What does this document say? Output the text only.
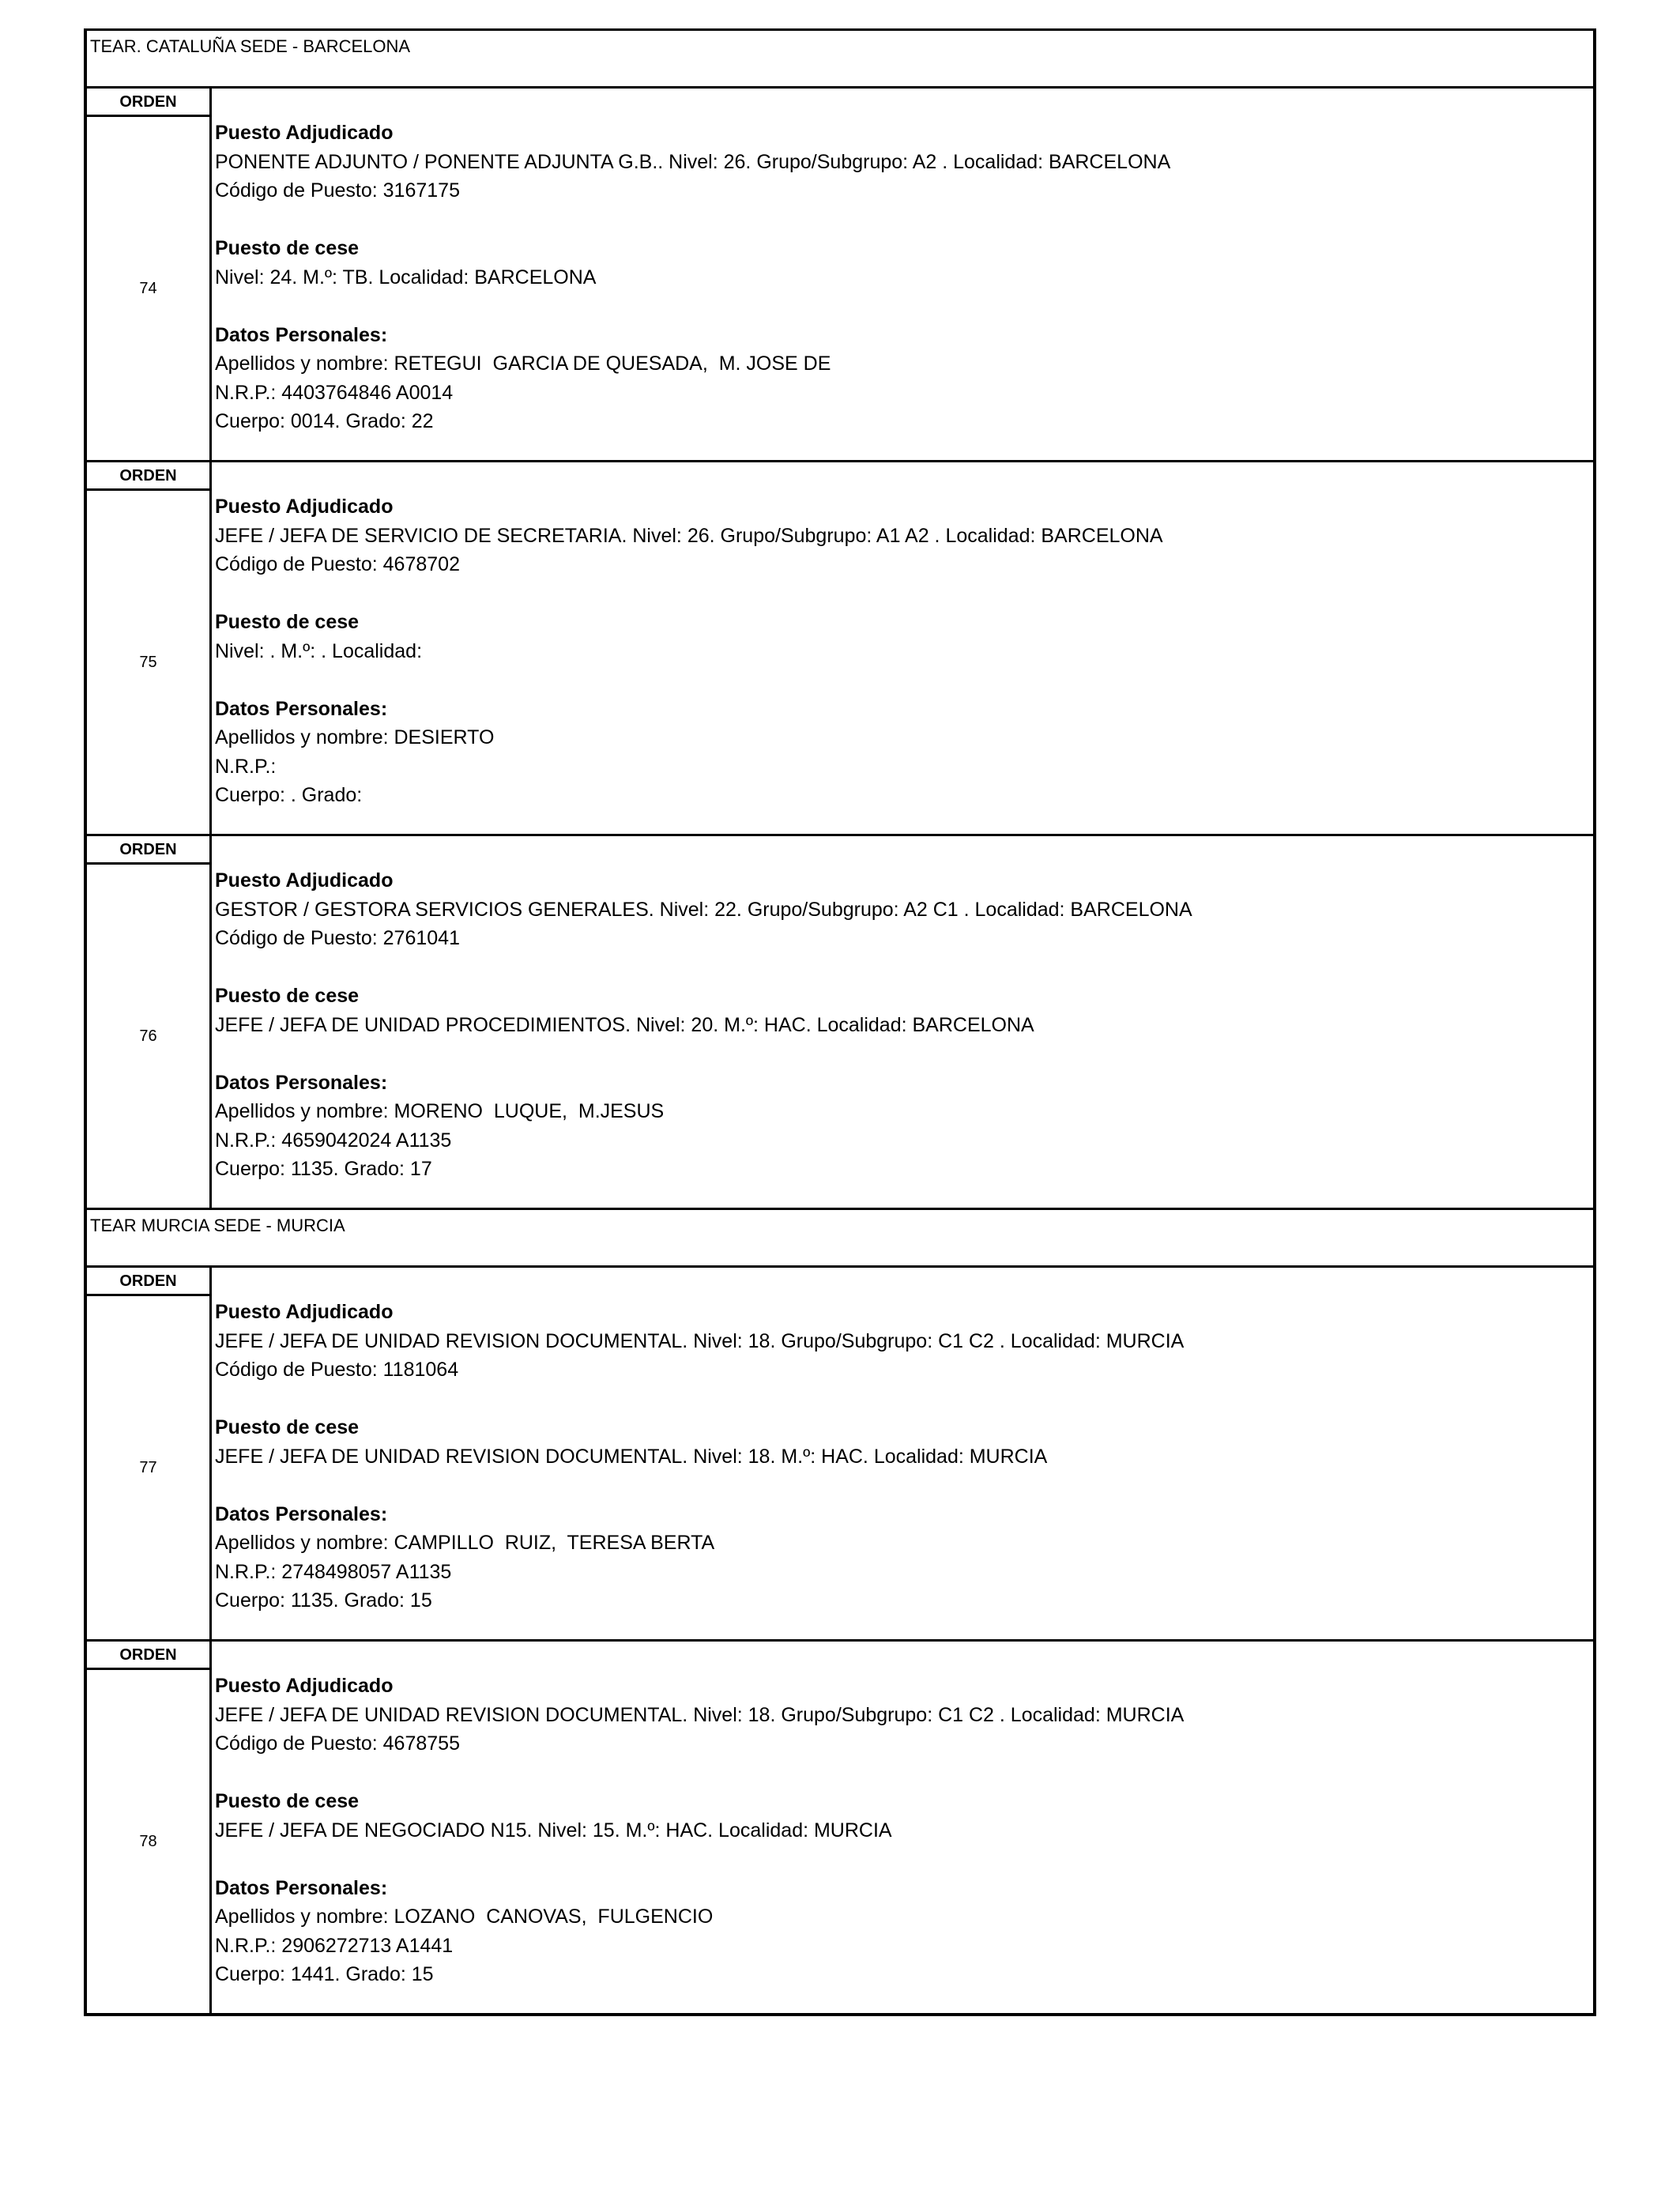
TEAR. CATALUÑA SEDE - BARCELONA
ORDEN
74
Puesto Adjudicado
PONENTE ADJUNTO / PONENTE ADJUNTA G.B.. Nivel: 26. Grupo/Subgrupo: A2 . Localidad: BARCELONA
Código de Puesto: 3167175
Puesto de cese
Nivel: 24. M.º: TB. Localidad: BARCELONA
Datos Personales:
Apellidos y nombre: RETEGUI  GARCIA DE QUESADA,  M. JOSE DE
N.R.P.: 4403764846 A0014
Cuerpo: 0014. Grado: 22
ORDEN
75
Puesto Adjudicado
JEFE / JEFA DE SERVICIO DE SECRETARIA. Nivel: 26. Grupo/Subgrupo: A1 A2 . Localidad: BARCELONA
Código de Puesto: 4678702
Puesto de cese
Nivel: . M.º: . Localidad:
Datos Personales:
Apellidos y nombre: DESIERTO
N.R.P.:
Cuerpo: . Grado:
ORDEN
76
Puesto Adjudicado
GESTOR / GESTORA SERVICIOS GENERALES. Nivel: 22. Grupo/Subgrupo: A2 C1 . Localidad: BARCELONA
Código de Puesto: 2761041
Puesto de cese
JEFE / JEFA DE UNIDAD PROCEDIMIENTOS. Nivel: 20. M.º: HAC. Localidad: BARCELONA
Datos Personales:
Apellidos y nombre: MORENO  LUQUE,  M.JESUS
N.R.P.: 4659042024 A1135
Cuerpo: 1135. Grado: 17
TEAR MURCIA SEDE - MURCIA
ORDEN
77
Puesto Adjudicado
JEFE / JEFA DE UNIDAD REVISION DOCUMENTAL. Nivel: 18. Grupo/Subgrupo: C1 C2 . Localidad: MURCIA
Código de Puesto: 1181064
Puesto de cese
JEFE / JEFA DE UNIDAD REVISION DOCUMENTAL. Nivel: 18. M.º: HAC. Localidad: MURCIA
Datos Personales:
Apellidos y nombre: CAMPILLO  RUIZ,  TERESA BERTA
N.R.P.: 2748498057 A1135
Cuerpo: 1135. Grado: 15
ORDEN
78
Puesto Adjudicado
JEFE / JEFA DE UNIDAD REVISION DOCUMENTAL. Nivel: 18. Grupo/Subgrupo: C1 C2 . Localidad: MURCIA
Código de Puesto: 4678755
Puesto de cese
JEFE / JEFA DE NEGOCIADO N15. Nivel: 15. M.º: HAC. Localidad: MURCIA
Datos Personales:
Apellidos y nombre: LOZANO  CANOVAS,  FULGENCIO
N.R.P.: 2906272713 A1441
Cuerpo: 1441. Grado: 15
